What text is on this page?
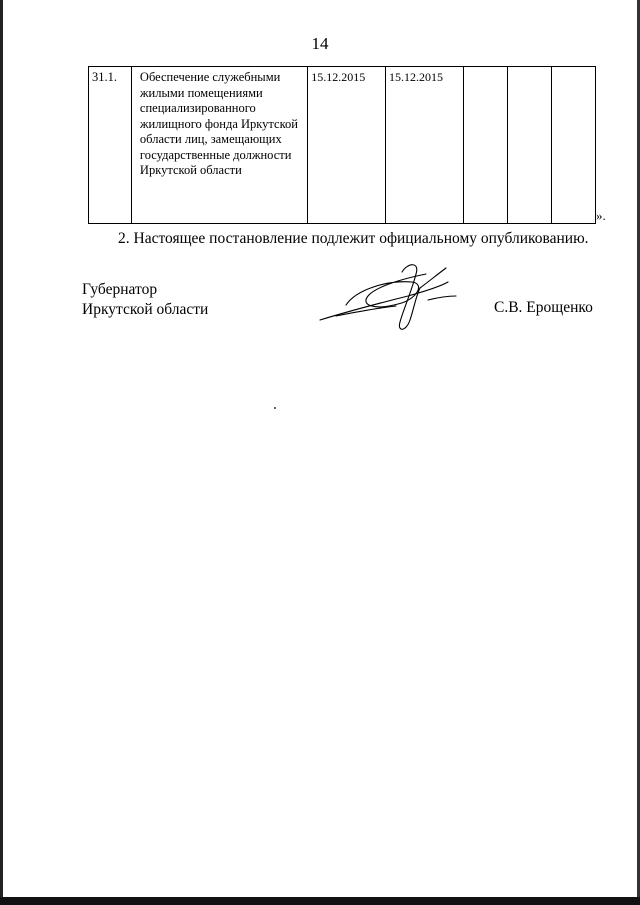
14
31.1.	Обеспечение служебными жилыми помещениями специализированного жилищного фонда Иркутской области лиц, замещающих государственные должности Иркутской области	15.12.2015	15.12.2015			
».
2. Настоящее постановление подлежит официальному опубликованию.
Губернатор
Иркутской области	С.В. Ерощенко
